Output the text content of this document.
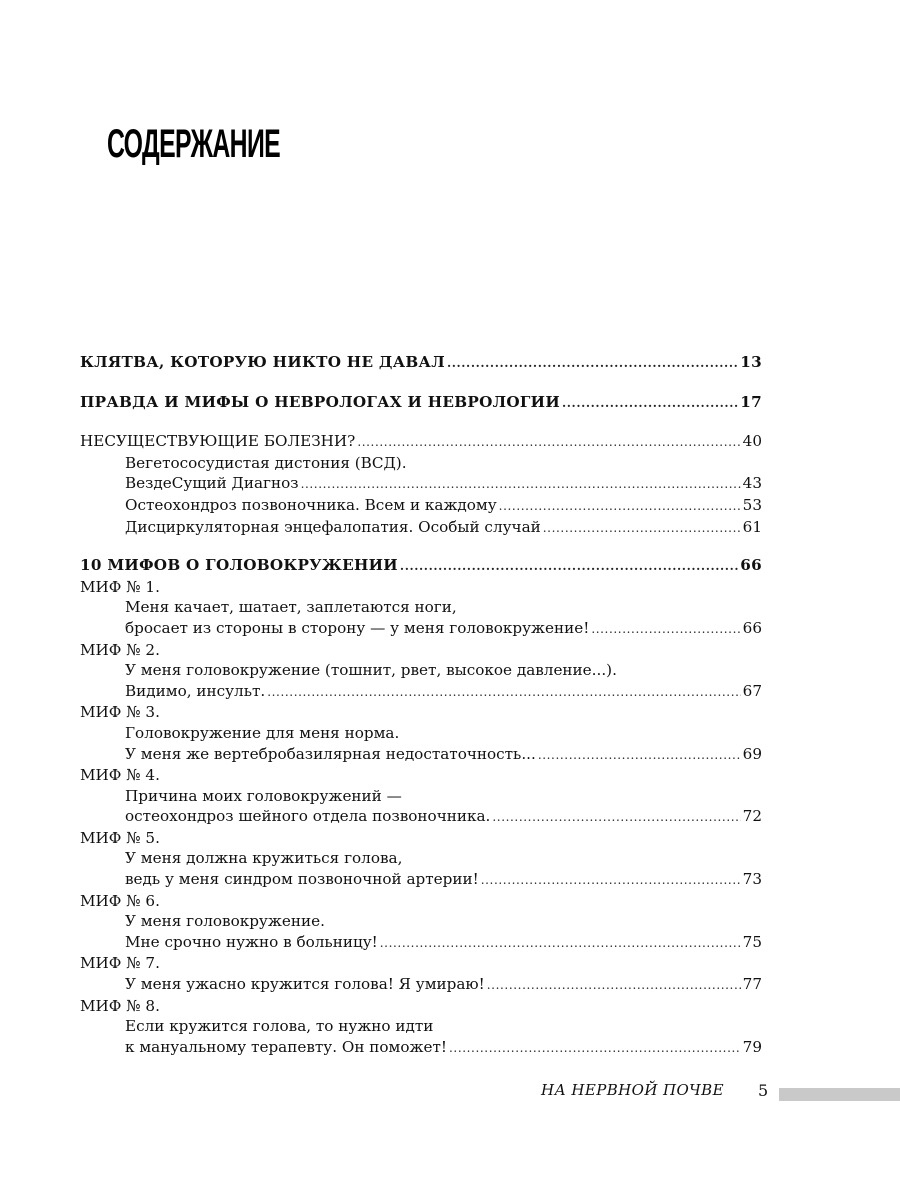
СОДЕРЖАНИЕ
КЛЯТВА, КОТОРУЮ НИКТО НЕ ДАВАЛ .....	13
ПРАВДА И МИФЫ О НЕВРОЛОГАХ И НЕВРОЛОГИИ .....	17
НЕСУЩЕСТВУЮЩИЕ БОЛЕЗНИ? .....	40
Вегетососудистая дистония (ВСД).
ВездеСущий Диагноз .....	43
Остеохондроз позвоночника. Всем и каждому .....	53
Дисциркуляторная энцефалопатия. Особый случай .....	61
10 МИФОВ О ГОЛОВОКРУЖЕНИИ .....	66
МИФ № 1.
Меня качает, шатает, заплетаются ноги,
бросает из стороны в сторону — у меня головокружение! .....	66
МИФ № 2.
У меня головокружение (тошнит, рвет, высокое давление...).
Видимо, инсульт. .....	67
МИФ № 3.
Головокружение для меня норма.
У меня же вертебробазилярная недостаточность... .....	69
МИФ № 4.
Причина моих головокружений —
остеохондроз шейного отдела позвоночника. .....	72
МИФ № 5.
У меня должна кружиться голова,
ведь у меня синдром позвоночной артерии! .....	73
МИФ № 6.
У меня головокружение.
Мне срочно нужно в больницу! .....	75
МИФ № 7.
У меня ужасно кружится голова! Я умираю! .....	77
МИФ № 8.
Если кружится голова, то нужно идти
к мануальному терапевту. Он поможет! .....	79
НА НЕРВНОЙ ПОЧВЕ 5
